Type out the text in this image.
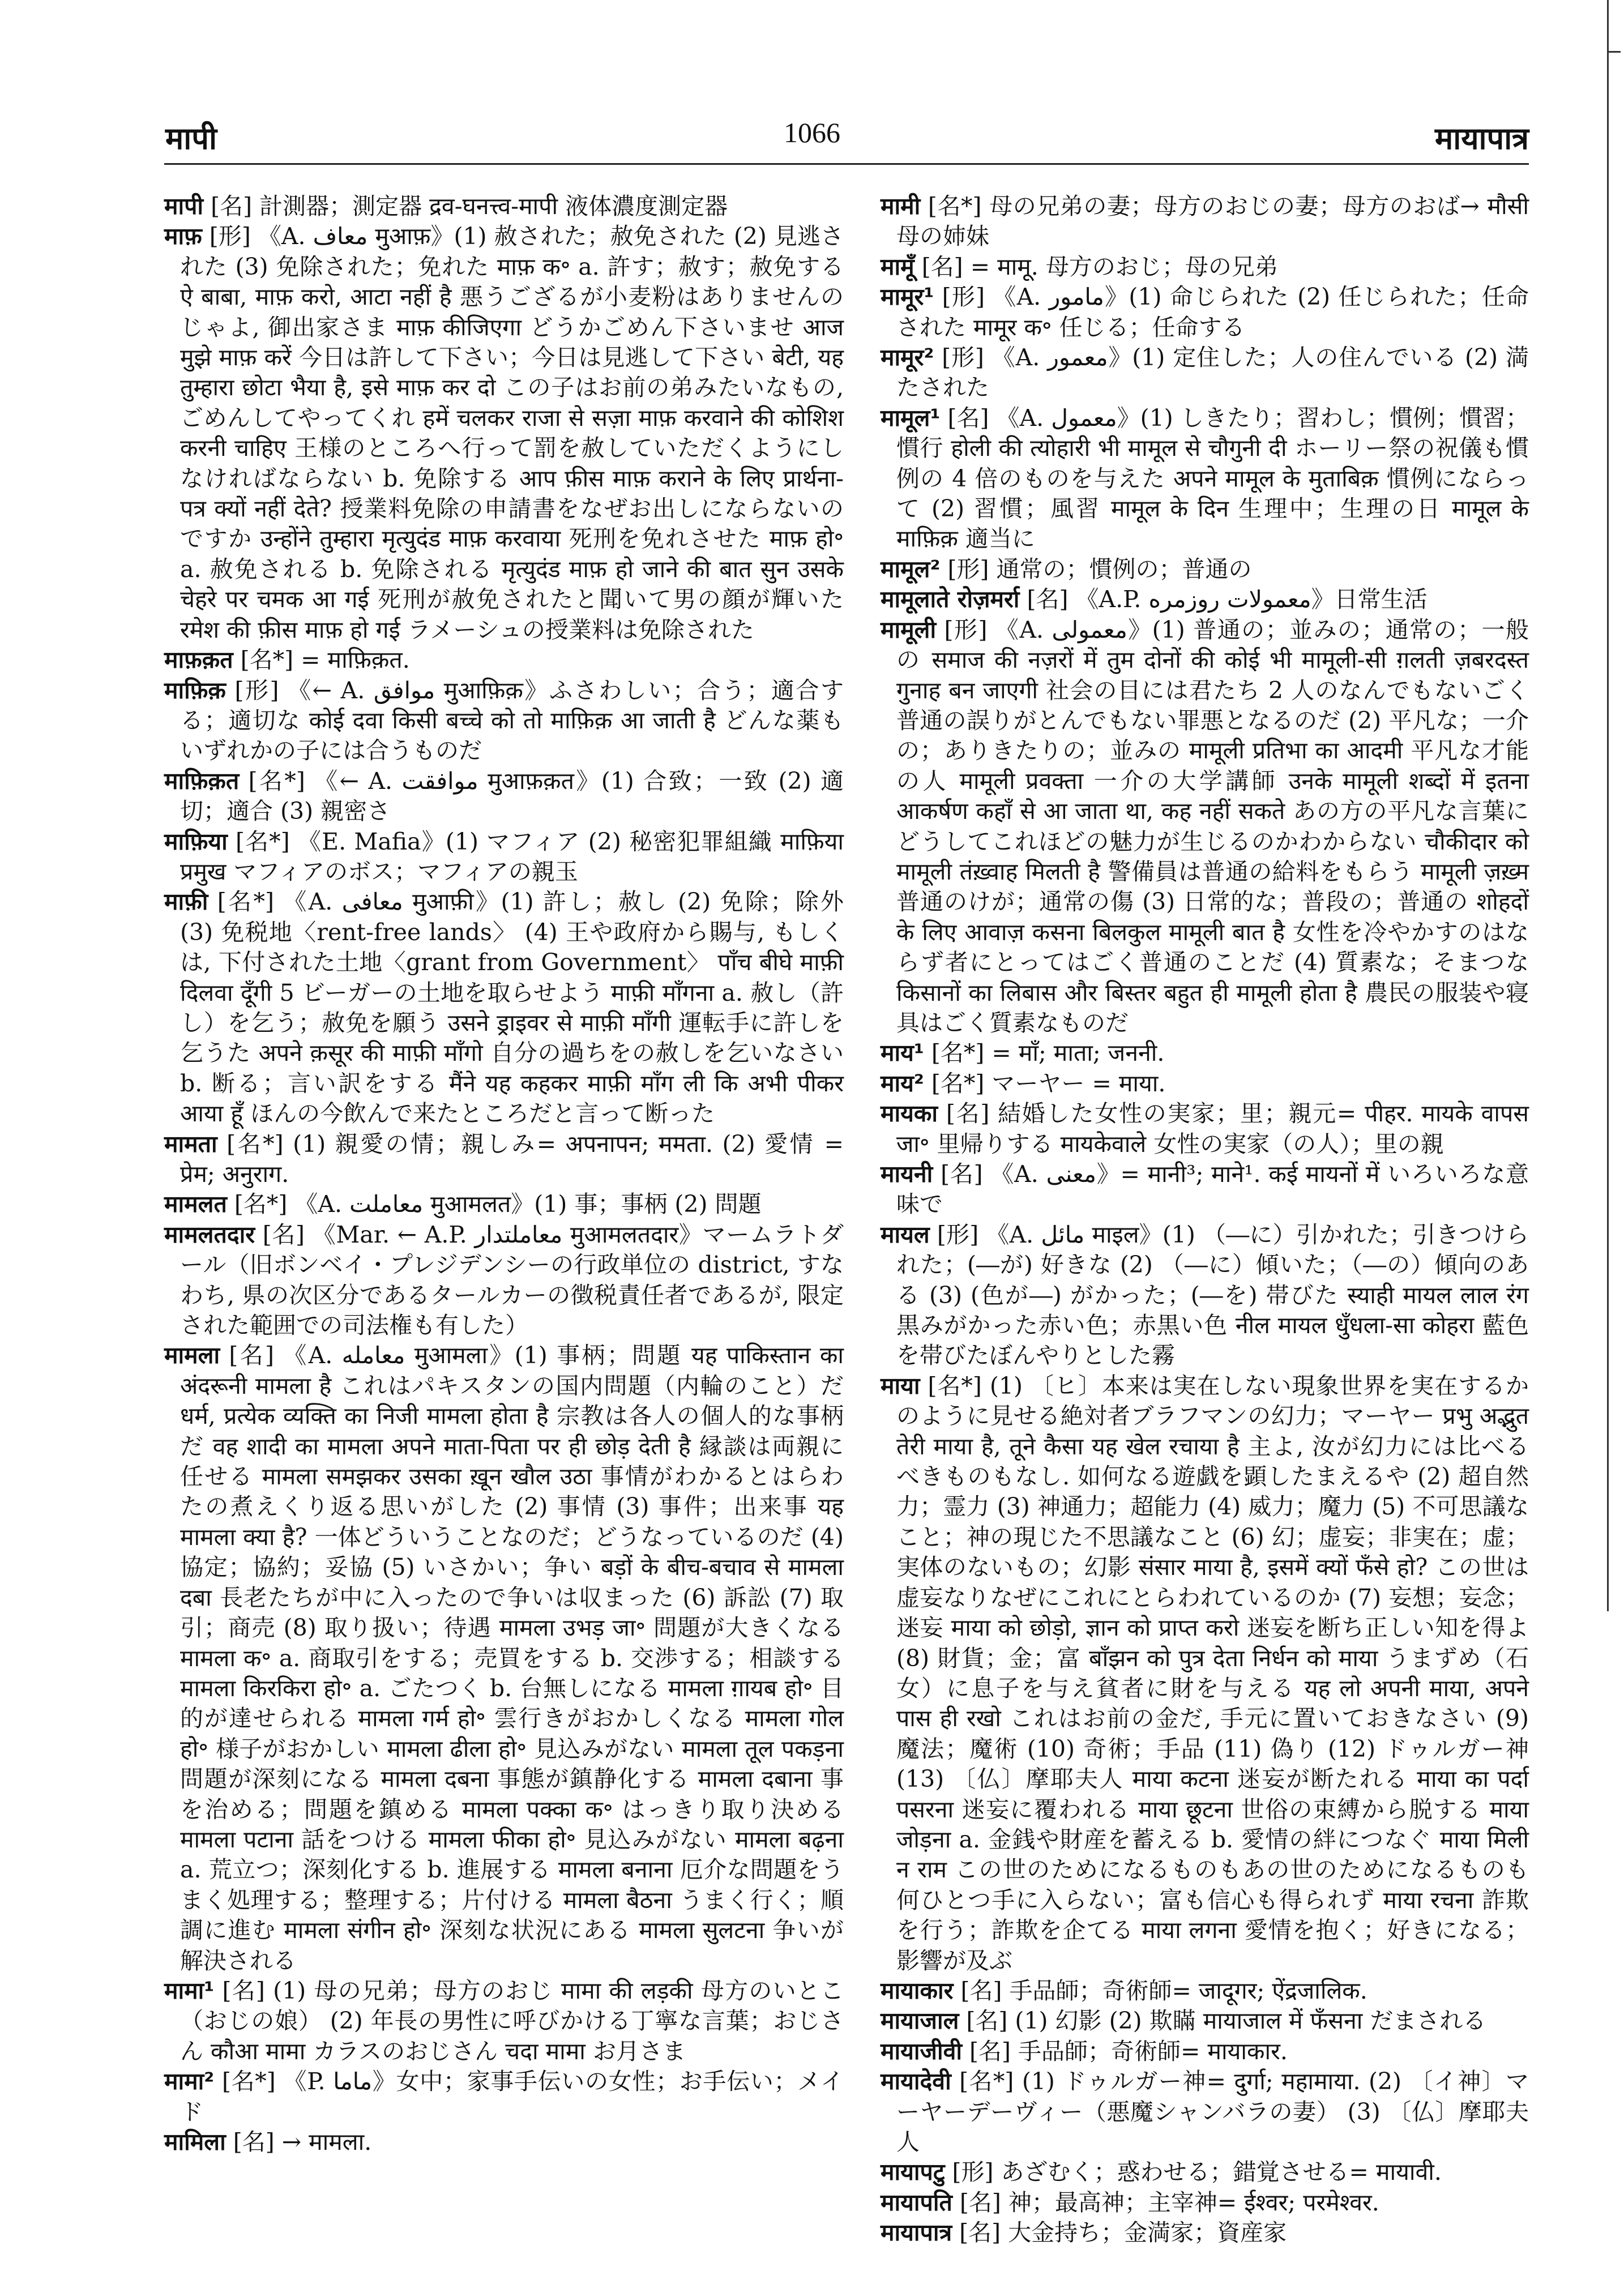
मापी	1066	मायापात्र

मापी [名] 計測器；測定器 द्रव-घनत्त्व-मापी 液体濃度測定器

माफ़ [形] 《A. معاف मुआफ़》(1) 赦された；赦免された (2) 見逃された (3) 免除された；免れた माफ़ क॰ a. 許す；赦す；赦免する ऐ बाबा, माफ़ करो, आटा नहीं है 悪うござるが小麦粉はありませんのじゃよ, 御出家さま माफ़ कीजिएगा どうかごめん下さいませ आज मुझे माफ़ करें 今日は許して下さい；今日は見逃して下さい बेटी, यह तुम्हारा छोटा भैया है, इसे माफ़ कर दो この子はお前の弟みたいなもの, ごめんしてやってくれ हमें चलकर राजा से सज़ा माफ़ करवाने की कोशिश करनी चाहिए 王様のところへ行って罰を赦していただくようにしなければならない b. 免除する आप फ़ीस माफ़ कराने के लिए प्रार्थना-पत्र क्यों नहीं देते? 授業料免除の申請書をなぜお出しにならないのですか उन्होंने तुम्हारा मृत्युदंड माफ़ करवाया 死刑を免れさせた माफ़ हो॰ a. 赦免される b. 免除される मृत्युदंड माफ़ हो जाने की बात सुन उसके चेहरे पर चमक आ गई 死刑が赦免されたと聞いて男の顔が輝いた रमेश की फ़ीस माफ़ हो गई ラメーシュの授業料は免除された

माफ़क़त [名*] = माफ़िक़त.

माफ़िक़ [形] 《← A. موافق मुआफ़िक़》ふさわしい；合う；適合する；適切な कोई दवा किसी बच्चे को तो माफ़िक़ आ जाती है どんな薬もいずれかの子には合うものだ

माफ़िक़त [名*] 《← A. موافقت मुआफ़क़त》(1) 合致；一致 (2) 適切；適合 (3) 親密さ

माफ़िया [名*] 《E. Mafia》(1) マフィア (2) 秘密犯罪組織 माफ़िया प्रमुख マフィアのボス；マフィアの親玉

माफ़ी [名*] 《A. معافی मुआफ़ी》(1) 許し；赦し (2) 免除；除外 (3) 免税地〈rent-free lands〉 (4) 王や政府から賜与, もしくは, 下付された土地〈grant from Government〉 पाँच बीघे माफ़ी दिलवा दूँगी 5 ビーガーの土地を取らせよう माफ़ी माँगना a. 赦し（許し）を乞う；赦免を願う उसने ड्राइवर से माफ़ी माँगी 運転手に許しを乞うた अपने क़सूर की माफ़ी माँगो 自分の過ちをの赦しを乞いなさい b. 断る；言い訳をする मैंने यह कहकर माफ़ी माँग ली कि अभी पीकर आया हूँ ほんの今飲んで来たところだと言って断った

मामता [名*] (1) 親愛の情；親しみ= अपनापन; ममता. (2) 愛情 = प्रेम; अनुराग.

मामलत [名*] 《A. معاملت मुआमलत》(1) 事；事柄 (2) 問題

मामलतदार [名] 《Mar. ← A.P. معاملتدار मुआमलतदार》マームラトダール（旧ボンベイ・プレジデンシーの行政単位の district, すなわち, 県の次区分であるタールカーの徴税責任者であるが, 限定された範囲での司法権も有した）

मामला [名] 《A. معامله मुआमला》(1) 事柄；問題 यह पाकिस्तान का अंदरूनी मामला है これはパキスタンの国内問題（内輪のこと）だ धर्म, प्रत्येक व्यक्ति का निजी मामला होता है 宗教は各人の個人的な事柄だ वह शादी का मामला अपने माता-पिता पर ही छोड़ देती है 縁談は両親に任せる मामला समझकर उसका ख़ून खौल उठा 事情がわかるとはらわたの煮えくり返る思いがした (2) 事情 (3) 事件；出来事 यह मामला क्या है? 一体どういうことなのだ；どうなっているのだ (4) 協定；協約；妥協 (5) いさかい；争い बड़ों के बीच-बचाव से मामला दबा 長老たちが中に入ったので争いは収まった (6) 訴訟 (7) 取引；商売 (8) 取り扱い；待遇 मामला उभड़ जा॰ 問題が大きくなる मामला क॰ a. 商取引をする；売買をする b. 交渉する；相談する मामला किरकिरा हो॰ a. ごたつく b. 台無しになる मामला ग़ायब हो॰ 目的が達せられる मामला गर्म हो॰ 雲行きがおかしくなる मामला गोल हो॰ 様子がおかしい मामला ढीला हो॰ 見込みがない मामला तूल पकड़ना 問題が深刻になる मामला दबना 事態が鎮静化する मामला दबाना 事を治める；問題を鎮める मामला पक्का क॰ はっきり取り決める मामला पटाना 話をつける मामला फीका हो॰ 見込みがない मामला बढ़ना a. 荒立つ；深刻化する b. 進展する मामला बनाना 厄介な問題をうまく処理する；整理する；片付ける मामला बैठना うまく行く；順調に進む मामला संगीन हो॰ 深刻な状況にある मामला सुलटना 争いが解決される

मामा¹ [名] (1) 母の兄弟；母方のおじ मामा की लड़की 母方のいとこ（おじの娘） (2) 年長の男性に呼びかける丁寧な言葉；おじさん कौआ मामा カラスのおじさん चदा मामा お月さま

मामा² [名*] 《P. ماما》女中；家事手伝いの女性；お手伝い；メイド

मामिला [名] → मामला.

मामी [名*] 母の兄弟の妻；母方のおじの妻；母方のおば→ मौसी 母の姉妹

मामूँ [名] = मामू. 母方のおじ；母の兄弟

मामूर¹ [形] 《A. مامور》(1) 命じられた (2) 任じられた；任命された मामूर क॰ 任じる；任命する

मामूर² [形] 《A. معمور》(1) 定住した；人の住んでいる (2) 満たされた

मामूल¹ [名] 《A. معمول》(1) しきたり；習わし；慣例；慣習；慣行 होली की त्योहारी भी मामूल से चौगुनी दी ホーリー祭の祝儀も慣例の 4 倍のものを与えた अपने मामूल के मुताबिक़ 慣例にならって (2) 習慣；風習 मामूल के दिन 生理中；生理の日 मामूल के माफ़िक़ 適当に

मामूल² [形] 通常の；慣例の；普通の

मामूलाते रोज़मर्रा [名] 《A.P. معمولات روزمره》日常生活

मामूली [形] 《A. معمولی》(1) 普通の；並みの；通常の；一般の समाज की नज़रों में तुम दोनों की कोई भी मामूली-सी ग़लती ज़बरदस्त गुनाह बन जाएगी 社会の目には君たち 2 人のなんでもないごく普通の誤りがとんでもない罪悪となるのだ (2) 平凡な；一介の；ありきたりの；並みの मामूली प्रतिभा का आदमी 平凡な才能の人 मामूली प्रवक्ता 一介の大学講師 उनके मामूली शब्दों में इतना आकर्षण कहाँ से आ जाता था, कह नहीं सकते あの方の平凡な言葉にどうしてこれほどの魅力が生じるのかわからない चौकीदार को मामूली तंख़्वाह मिलती है 警備員は普通の給料をもらう मामूली ज़ख़्म 普通のけが；通常の傷 (3) 日常的な；普段の；普通の शोहदों के लिए आवाज़ कसना बिलकुल मामूली बात है 女性を冷やかすのはならず者にとってはごく普通のことだ (4) 質素な；そまつな किसानों का लिबास और बिस्तर बहुत ही मामूली होता है 農民の服装や寝具はごく質素なものだ

माय¹ [名*] = माँ; माता; जननी.

माय² [名*] マーヤー = माया.

मायका [名] 結婚した女性の実家；里；親元= पीहर. मायके वापस जा॰ 里帰りする मायकेवाले 女性の実家（の人）；里の親

मायनी [名] 《A. معنی》= मानी³; माने¹. कई मायनों में いろいろな意味で

मायल [形] 《A. مائل माइल》(1) （―に）引かれた；引きつけられた；(―が) 好きな (2) （―に）傾いた；（―の）傾向のある (3) (色が―) がかった；(―を) 帯びた स्याही मायल लाल रंग 黒みがかった赤い色；赤黒い色 नील मायल धुँधला-सा कोहरा 藍色を帯びたぼんやりとした霧

माया [名*] (1) 〔ヒ〕本来は実在しない現象世界を実在するかのように見せる絶対者ブラフマンの幻力；マーヤー प्रभु अद्भुत तेरी माया है, तूने कैसा यह खेल रचाया है 主よ, 汝が幻力には比べるべきものもなし. 如何なる遊戯を顕したまえるや (2) 超自然力；霊力 (3) 神通力；超能力 (4) 威力；魔力 (5) 不可思議なこと；神の現じた不思議なこと (6) 幻；虚妄；非実在；虚；実体のないもの；幻影 संसार माया है, इसमें क्यों फँसे हो? この世は虚妄なりなぜにこれにとらわれているのか (7) 妄想；妄念；迷妄 माया को छोड़ो, ज्ञान को प्राप्त करो 迷妄を断ち正しい知を得よ (8) 財貨；金；富 बाँझन को पुत्र देता निर्धन को माया うまずめ（石女）に息子を与え貧者に財を与える यह लो अपनी माया, अपने पास ही रखो これはお前の金だ, 手元に置いておきなさい (9) 魔法；魔術 (10) 奇術；手品 (11) 偽り (12) ドゥルガー神 (13) 〔仏〕摩耶夫人 माया कटना 迷妄が断たれる माया का पर्दा पसरना 迷妄に覆われる माया छूटना 世俗の束縛から脱する माया जोड़ना a. 金銭や財産を蓄える b. 愛情の絆につなぐ माया मिली न राम この世のためになるものもあの世のためになるものも何ひとつ手に入らない；富も信心も得られず माया रचना 詐欺を行う；詐欺を企てる माया लगना 愛情を抱く；好きになる；影響が及ぶ

मायाकार [名] 手品師；奇術師= जादूगर; ऐंद्रजालिक.

मायाजाल [名] (1) 幻影 (2) 欺瞞 मायाजाल में फँसना だまされる

मायाजीवी [名] 手品師；奇術師= मायाकार.

मायादेवी [名*] (1) ドゥルガー神= दुर्गा; महामाया. (2) 〔イ神〕マーヤーデーヴィー（悪魔シャンバラの妻） (3) 〔仏〕摩耶夫人

मायापटु [形] あざむく；惑わせる；錯覚させる= मायावी.

मायापति [名] 神；最高神；主宰神= ईश्वर; परमेश्वर.

मायापात्र [名] 大金持ち；金満家；資産家
